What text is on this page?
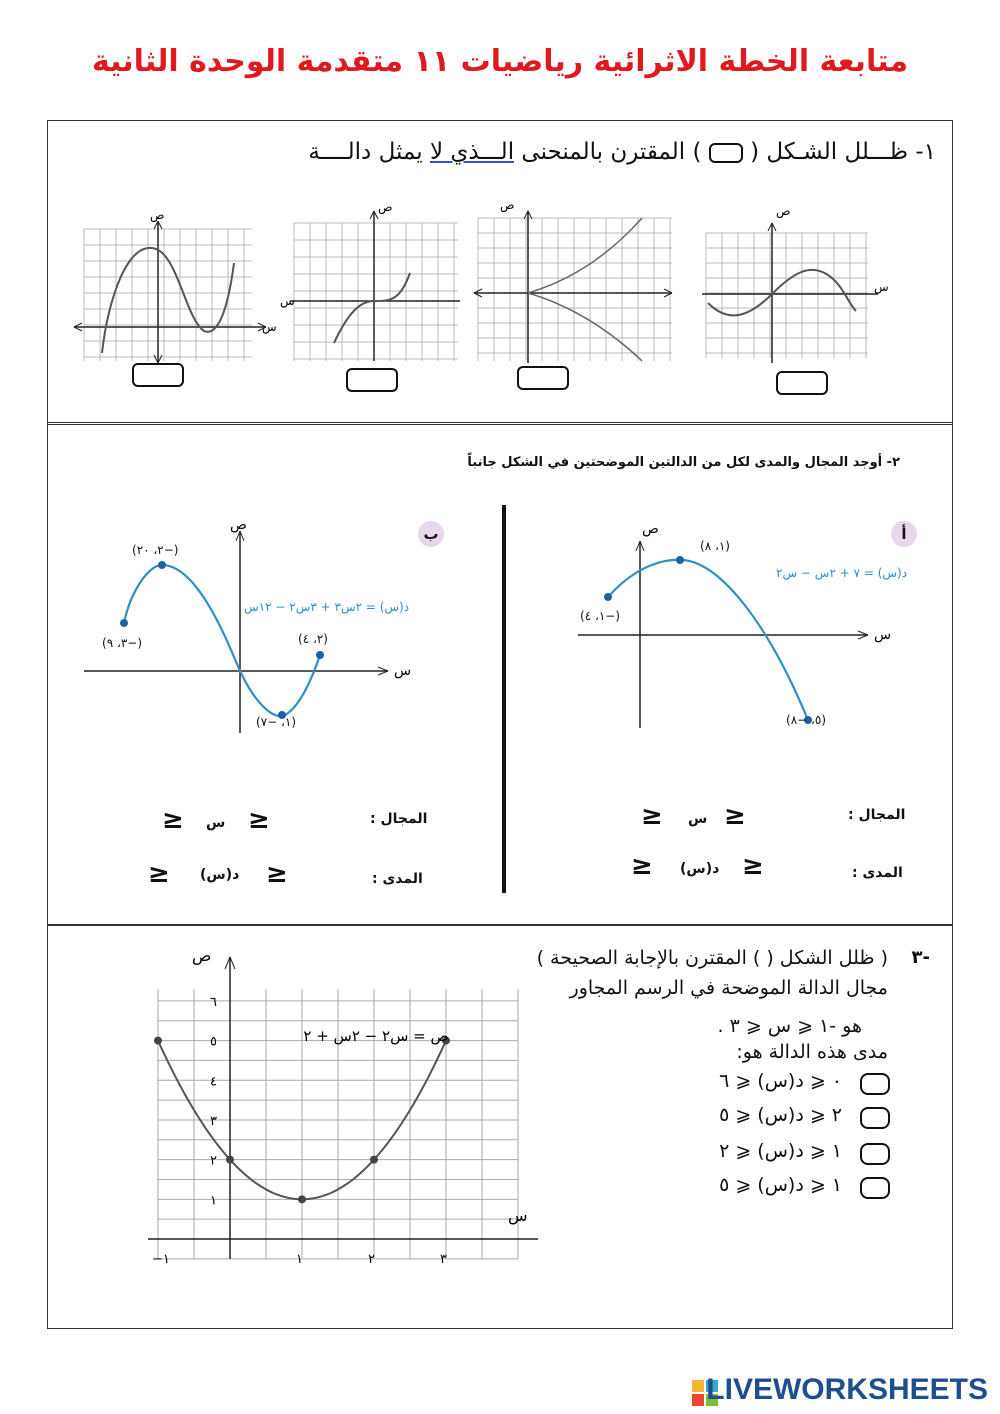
متابعة الخطة الاثرائية رياضيات ١١ متقدمة الوحدة الثانية
١- ظـــلل الشـكل (  ) المقترن بالمنحنى الـــذي لا يمثل دالــــة
ص
س
ص
ص
س
ص
س
٢- أوجد المجال والمدى لكل من الدالتين الموضحتين في الشكل جانباً
أ
ص
س
د(س) = ٧ + ٢س − س٢
(١، ٨)
(−١، ٤)
(٥، −٨)
المجال :
≥ س ≥
المدى :
≥ د(س) ≥
ب
ص
س
د(س) = ٢س٣ + ٣س٢ − ١٢س
(−٢، ٢٠)
(−٣، ٩)	(٢، ٤)
(١، −٧)
المجال :
≥ س ≥
المدى :
≥ د(س) ≥
٣-
( ظلل الشكل ( ) المقترن بالإجابة الصحيحة )
مجال الدالة الموضحة في الرسم المجاور
هو -١ ⩽ س ⩽ ٣ .
مدى هذه الدالة هو:
٠ ⩽ د(س) ⩽ ٦
٢ ⩽ د(س) ⩽ ٥
١ ⩽ د(س) ⩽ ٢
١ ⩽ د(س) ⩽ ٥
١
٢
٣
٤
٥
٦
−١	١	٢	٣
ص = س٢ − ٢س + ٢
ص
س
LIVEWORKSHEETS
